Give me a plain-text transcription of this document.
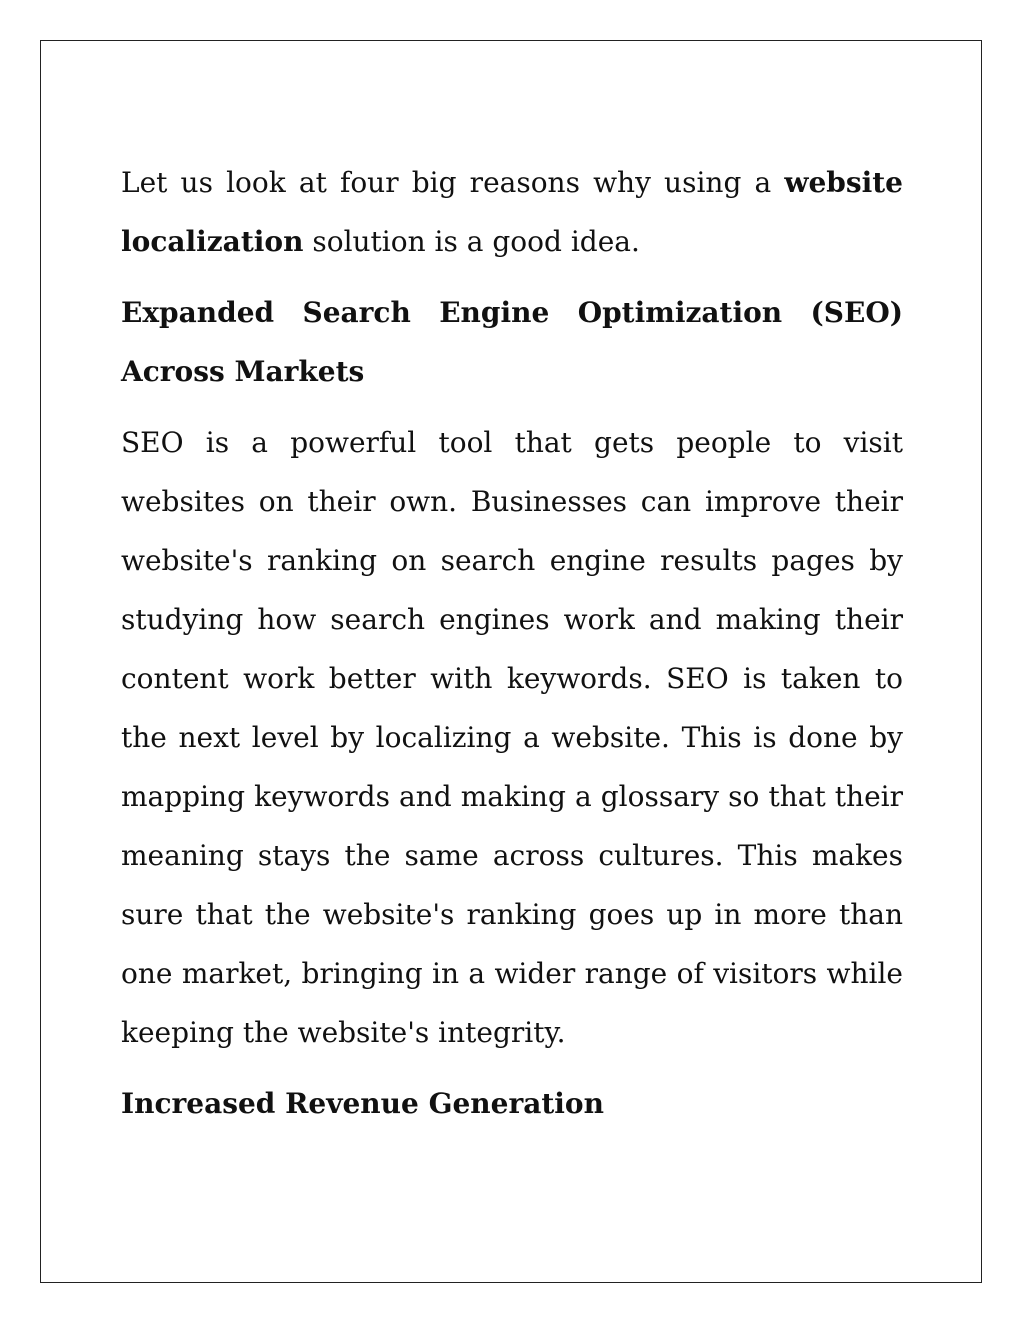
Let us look at four big reasons why using a website localization solution is a good idea.

Expanded Search Engine Optimization (SEO) Across Markets

SEO is a powerful tool that gets people to visit websites on their own. Businesses can improve their website's ranking on search engine results pages by studying how search engines work and making their content work better with keywords. SEO is taken to the next level by localizing a website. This is done by mapping keywords and making a glossary so that their meaning stays the same across cultures. This makes sure that the website's ranking goes up in more than one market, bringing in a wider range of visitors while keeping the website's integrity.

Increased Revenue Generation
